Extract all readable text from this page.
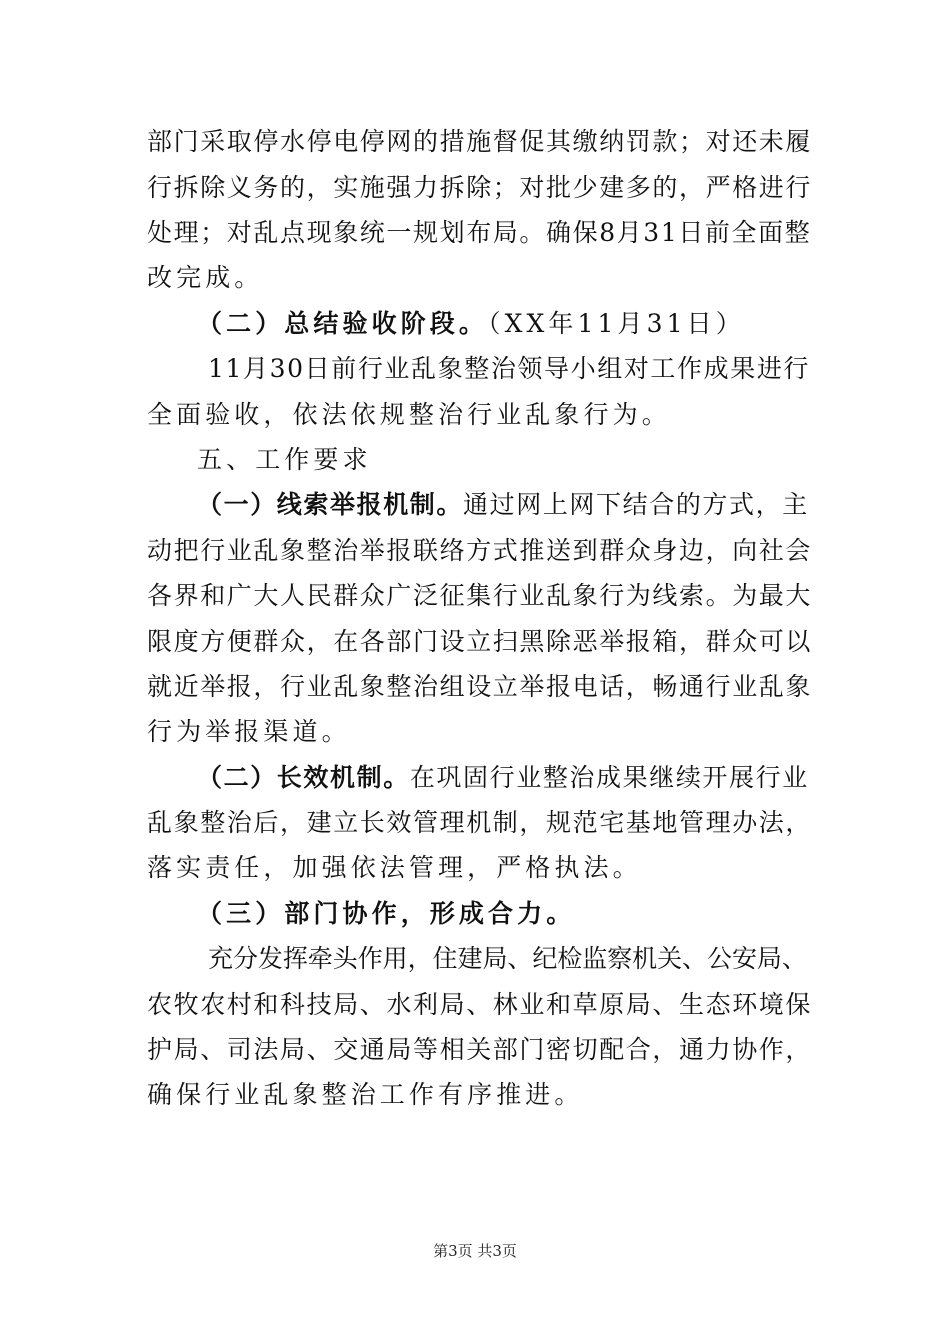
部门采取停水停电停网的措施督促其缴纳罚款；对还未履
行拆除义务的，实施强力拆除；对批少建多的，严格进行
处理；对乱点现象统一规划布局。确保8月31日前全面整
改完成。
（二）总结验收阶段。（XX年11月31日）
11月30日前行业乱象整治领导小组对工作成果进行
全面验收，依法依规整治行业乱象行为。
五、工作要求
（一）线索举报机制。通过网上网下结合的方式，主
动把行业乱象整治举报联络方式推送到群众身边，向社会
各界和广大人民群众广泛征集行业乱象行为线索。为最大
限度方便群众，在各部门设立扫黑除恶举报箱，群众可以
就近举报，行业乱象整治组设立举报电话，畅通行业乱象
行为举报渠道。
（二）长效机制。在巩固行业整治成果继续开展行业
乱象整治后，建立长效管理机制，规范宅基地管理办法，
落实责任，加强依法管理，严格执法。
（三）部门协作，形成合力。
充分发挥牵头作用，住建局、纪检监察机关、公安局、
农牧农村和科技局、水利局、林业和草原局、生态环境保
护局、司法局、交通局等相关部门密切配合，通力协作，
确保行业乱象整治工作有序推进。
第3页 共3页
